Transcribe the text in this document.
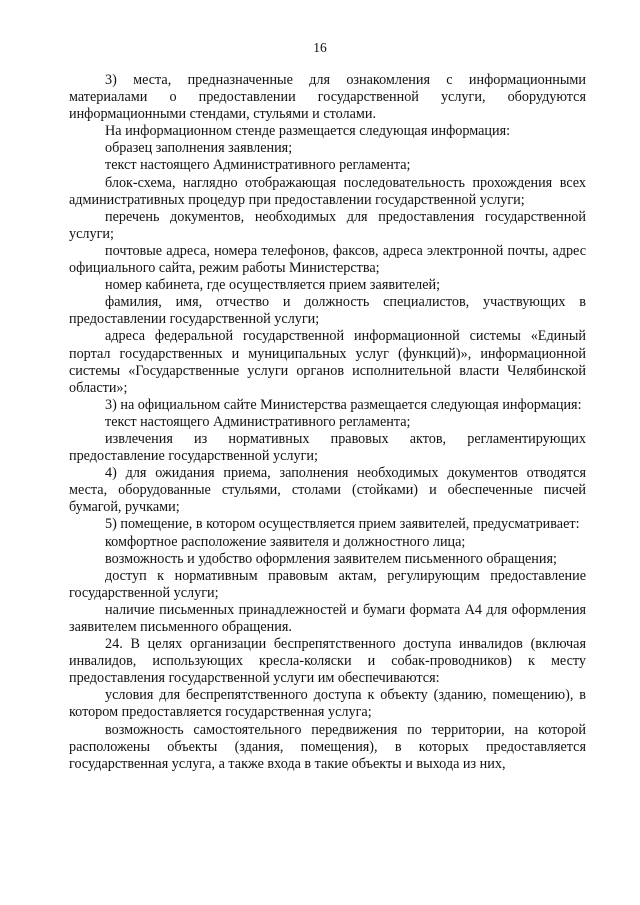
16

3) места, предназначенные для ознакомления с информационными материалами о предоставлении государственной услуги, оборудуются информационными стендами, стульями и столами.

На информационном стенде размещается следующая информация:

образец заполнения заявления;

текст настоящего Административного регламента;

блок-схема, наглядно отображающая последовательность прохождения всех административных процедур при предоставлении государственной услуги;

перечень документов, необходимых для предоставления государственной услуги;

почтовые адреса, номера телефонов, факсов, адреса электронной почты, адрес официального сайта, режим работы Министерства;

номер кабинета, где осуществляется прием заявителей;

фамилия, имя, отчество и должность специалистов, участвующих в предоставлении государственной услуги;

адреса федеральной государственной информационной системы «Единый портал государственных и муниципальных услуг (функций)», информационной системы «Государственные услуги органов исполнительной власти Челябинской области»;

3) на официальном сайте Министерства размещается следующая информация:

текст настоящего Административного регламента;

извлечения из нормативных правовых актов, регламентирующих предоставление государственной услуги;

4) для ожидания приема, заполнения необходимых документов отводятся места, оборудованные стульями, столами (стойками) и обеспеченные писчей бумагой, ручками;

5) помещение, в котором осуществляется прием заявителей, предусматривает:

комфортное расположение заявителя и должностного лица;

возможность и удобство оформления заявителем письменного обращения;

доступ к нормативным правовым актам, регулирующим предоставление государственной услуги;

наличие письменных принадлежностей и бумаги формата А4 для оформления заявителем письменного обращения.

24. В целях организации беспрепятственного доступа инвалидов (включая инвалидов, использующих кресла-коляски и собак-проводников) к месту предоставления государственной услуги им обеспечиваются:

условия для беспрепятственного доступа к объекту (зданию, помещению), в котором предоставляется государственная услуга;

возможность самостоятельного передвижения по территории, на которой расположены объекты (здания, помещения), в которых предоставляется государственная услуга, а также входа в такие объекты и выхода из них,
